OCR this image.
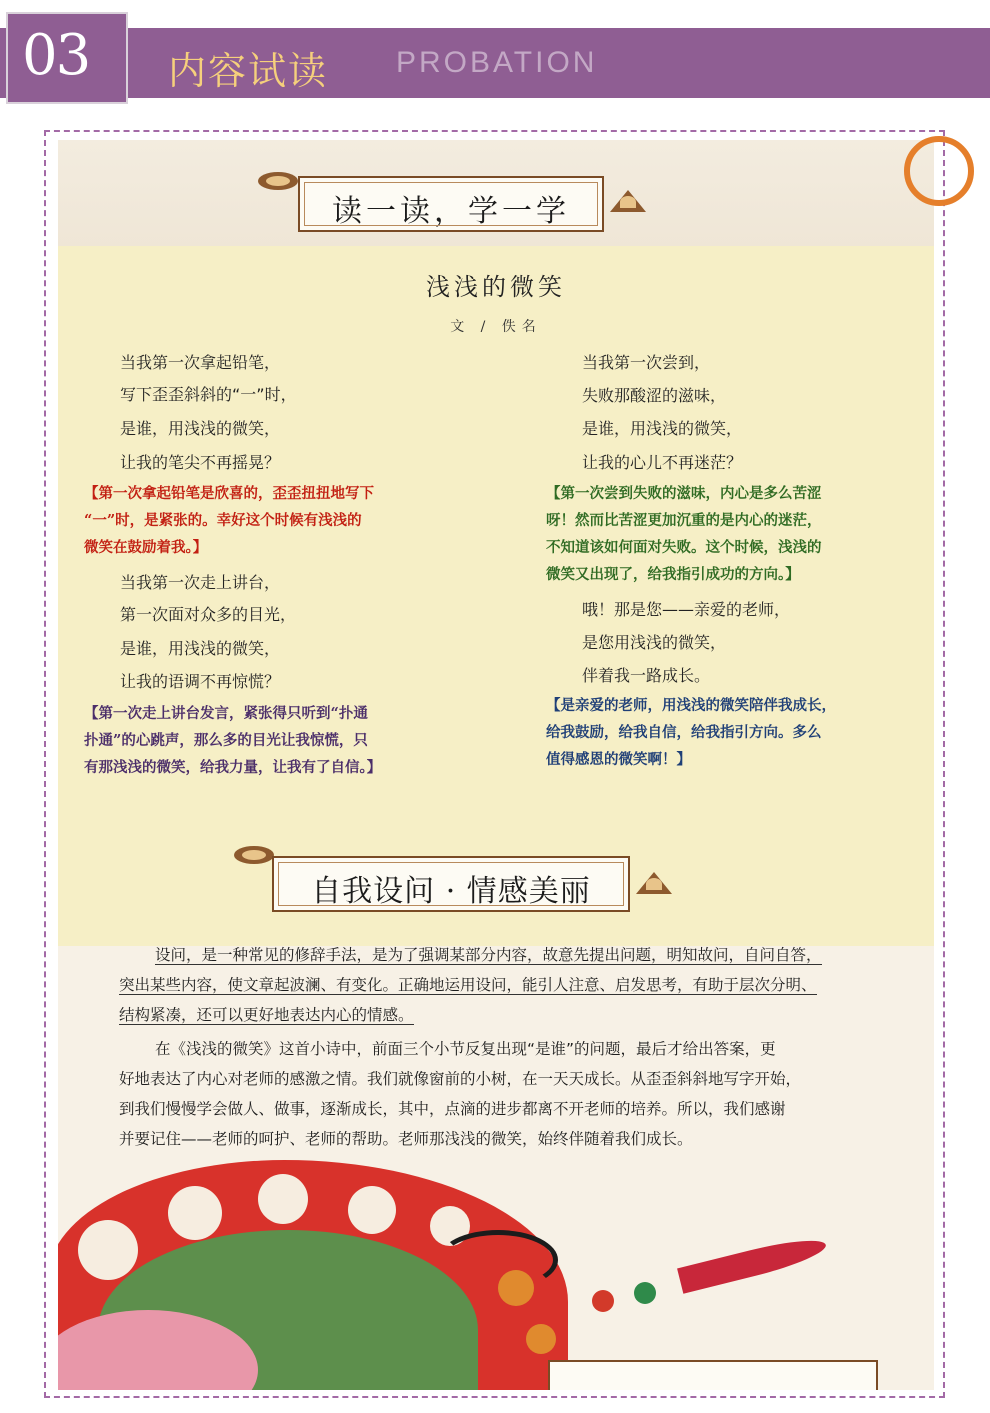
03 内容试读 PROBATION
读一读，学一学
浅浅的微笑
文 / 佚名
当我第一次拿起铅笔，
写下歪歪斜斜的“一”时，
是谁，用浅浅的微笑，
让我的笔尖不再摇晃？
【第一次拿起铅笔是欣喜的，歪歪扭扭地写下
“一”时，是紧张的。幸好这个时候有浅浅的
微笑在鼓励着我。】
当我第一次走上讲台，
第一次面对众多的目光，
是谁，用浅浅的微笑，
让我的语调不再惊慌？
【第一次走上讲台发言，紧张得只听到“扑通
扑通”的心跳声，那么多的目光让我惊慌，只
有那浅浅的微笑，给我力量，让我有了自信。】
当我第一次尝到，
失败那酸涩的滋味，
是谁，用浅浅的微笑，
让我的心儿不再迷茫？
【第一次尝到失败的滋味，内心是多么苦涩
呀！然而比苦涩更加沉重的是内心的迷茫，
不知道该如何面对失败。这个时候，浅浅的
微笑又出现了，给我指引成功的方向。】
哦！那是您——亲爱的老师，
是您用浅浅的微笑，
伴着我一路成长。
【是亲爱的老师，用浅浅的微笑陪伴我成长，
给我鼓励，给我自信，给我指引方向。多么
值得感恩的微笑啊！】
自我设问 · 情感美丽
设问，是一种常见的修辞手法，是为了强调某部分内容，故意先提出问题，明知故问，自问自答，
突出某些内容，使文章起波澜、有变化。正确地运用设问，能引人注意、启发思考，有助于层次分明、
结构紧凑，还可以更好地表达内心的情感。
在《浅浅的微笑》这首小诗中，前面三个小节反复出现“是谁”的问题，最后才给出答案，更
好地表达了内心对老师的感激之情。我们就像窗前的小树，在一天天成长。从歪歪斜斜地写字开始，
到我们慢慢学会做人、做事，逐渐成长，其中，点滴的进步都离不开老师的培养。所以，我们感谢
并要记住——老师的呵护、老师的帮助。老师那浅浅的微笑，始终伴随着我们成长。
